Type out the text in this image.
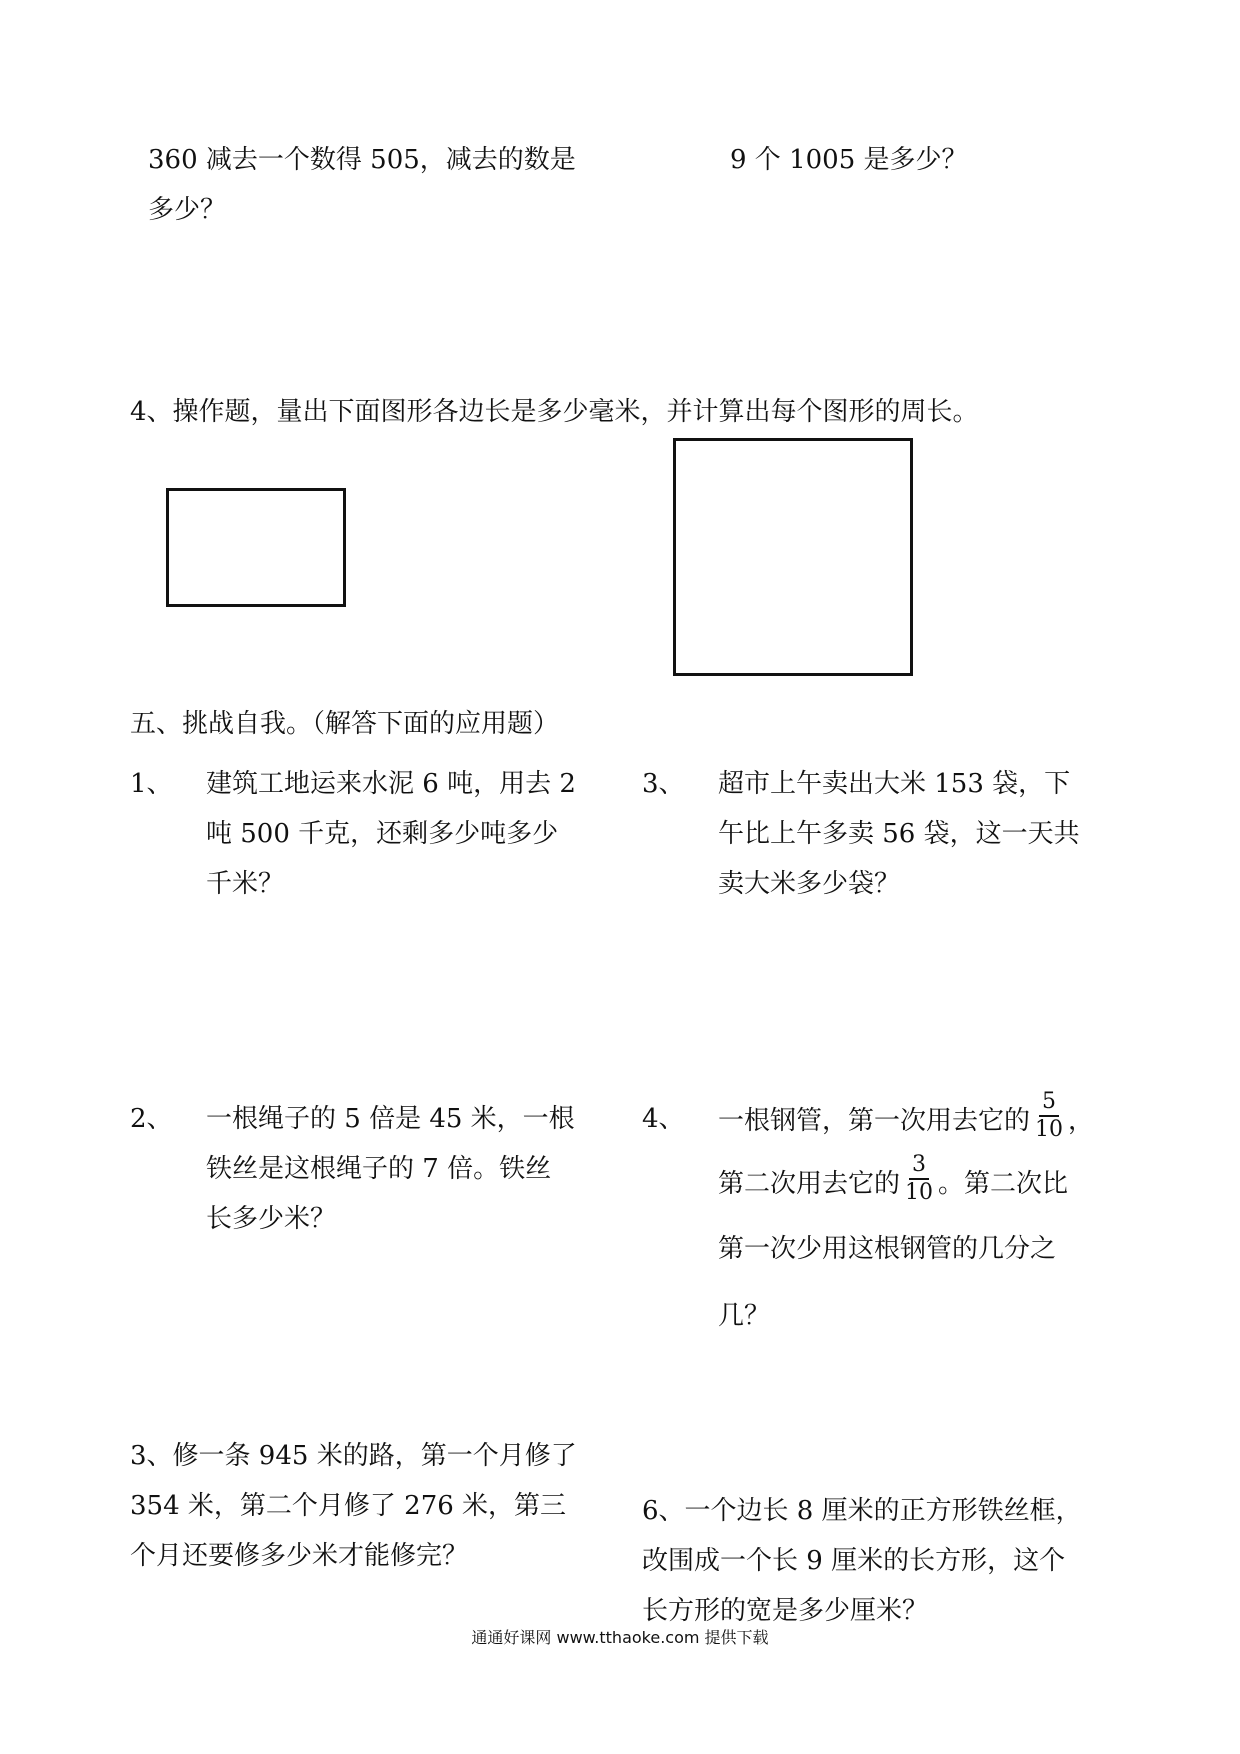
360 减去一个数得 505，减去的数是
多少？
9 个 1005 是多少？
4、操作题，量出下面图形各边长是多少毫米，并计算出每个图形的周长。
五、挑战自我。（解答下面的应用题）
1、 建筑工地运来水泥 6 吨，用去 2
吨 500 千克，还剩多少吨多少
千米？
3、 超市上午卖出大米 153 袋，下
午比上午多卖 56 袋，这一天共
卖大米多少袋？
2、 一根绳子的 5 倍是 45 米，一根
铁丝是这根绳子的 7 倍。铁丝
长多少米？
4、 一根钢管，第一次用去它的 $\frac{5}{10}$ ，
第二次用去它的 $\frac{3}{10}$ 。第二次比
第一次少用这根钢管的几分之
几？
3、修一条 945 米的路，第一个月修了
354 米，第二个月修了 276 米，第三
个月还要修多少米才能修完？
6、一个边长 8 厘米的正方形铁丝框，
改围成一个长 9 厘米的长方形，这个
长方形的宽是多少厘米？
通通好课网 www.tthaoke.com 提供下载
